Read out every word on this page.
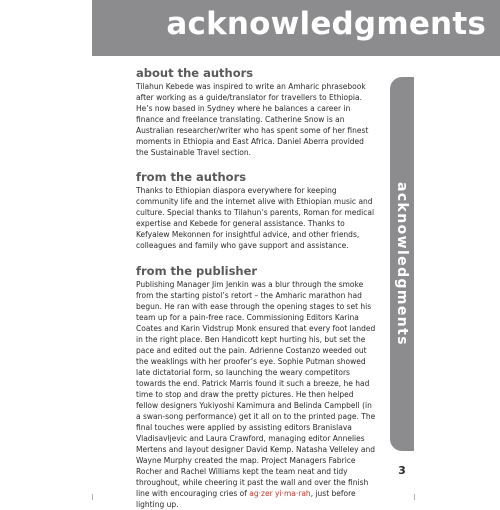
acknowledgments
acknowledgments
about the authors

Tilahun Kebede was inspired to write an Amharic phrasebook after working as a guide/translator for travellers to Ethiopia. He’s now based in Sydney where he balances a career in finance and freelance translating. Catherine Snow is an Australian researcher/writer who has spent some of her finest moments in Ethiopia and East Africa. Daniel Aberra provided the Sustainable Travel section.

from the authors

Thanks to Ethiopian diaspora everywhere for keeping community life and the internet alive with Ethiopian music and culture. Special thanks to Tilahun’s parents, Roman for medical expertise and Kebede for general assistance. Thanks to Kefyalew Mekonnen for insightful advice, and other friends, colleagues and family who gave support and assistance.

from the publisher

Publishing Manager Jim Jenkin was a blur through the smoke from the starting pistol’s retort – the Amharic marathon had begun. He ran with ease through the opening stages to set his team up for a pain-free race. Commissioning Editors Karina Coates and Karin Vidstrup Monk ensured that every foot landed in the right place. Ben Handicott kept hurting his, but set the pace and edited out the pain. Adrienne Costanzo weeded out the weaklings with her proofer’s eye. Sophie Putman showed late dictatorial form, so launching the weary competitors towards the end. Patrick Marris found it such a breeze, he had time to stop and draw the pretty pictures. He then helped fellow designers Yukiyoshi Kamimura and Belinda Campbell (in a swan-song performance) get it all on to the printed page. The final touches were applied by assisting editors Branislava Vladisavljevic and Laura Crawford, managing editor Annelies Mertens and layout designer David Kemp. Natasha Velleley and Wayne Murphy created the map. Project Managers Fabrice Rocher and Rachel Williams kept the team neat and tidy throughout, while cheering it past the wall and over the finish line with encouraging cries of ag·zer yi·ma·rah, just before lighting up.

3
